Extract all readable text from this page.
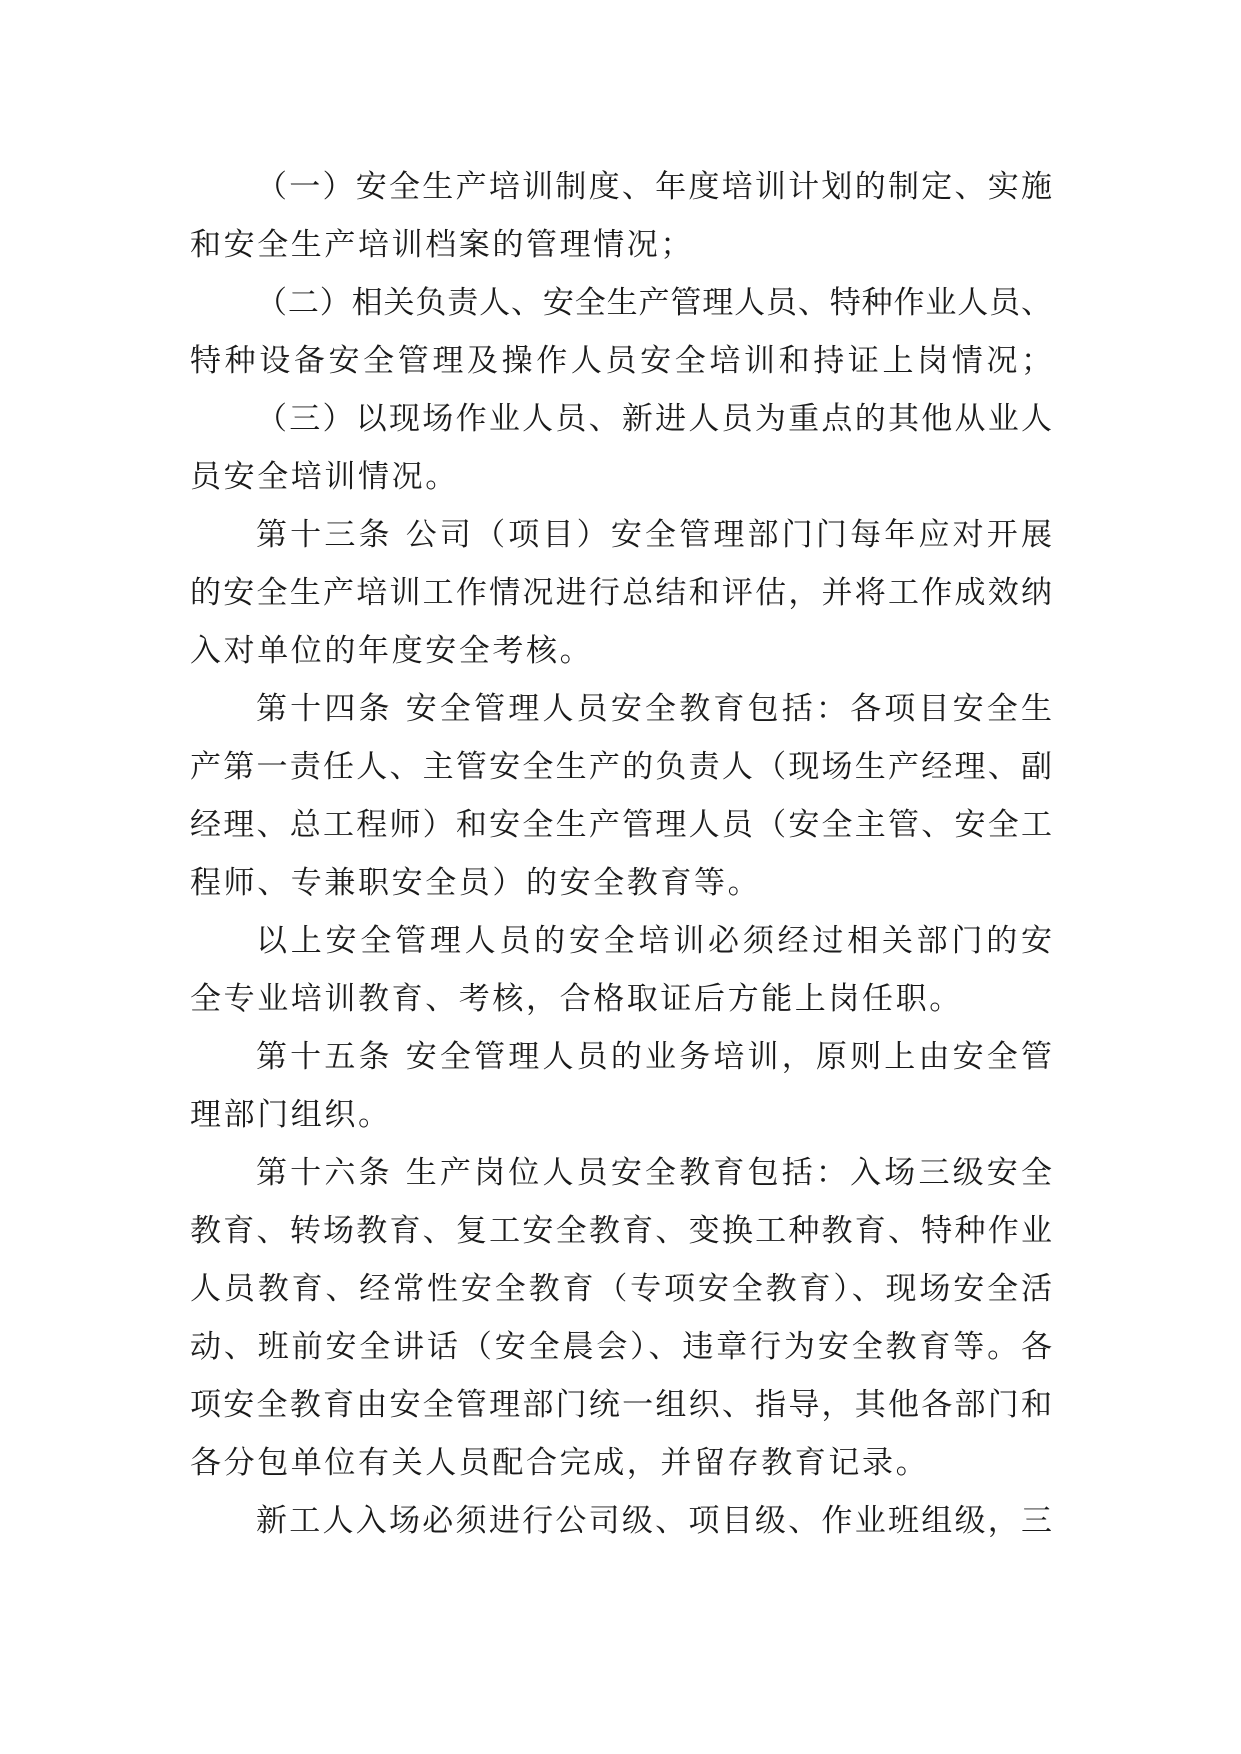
（一）安全生产培训制度、年度培训计划的制定、实施
和安全生产培训档案的管理情况；
（二）相关负责人、安全生产管理人员、特种作业人员、
特种设备安全管理及操作人员安全培训和持证上岗情况；
（三）以现场作业人员、新进人员为重点的其他从业人
员安全培训情况。
第十三条 公司（项目）安全管理部门门每年应对开展
的安全生产培训工作情况进行总结和评估，并将工作成效纳
入对单位的年度安全考核。
第十四条 安全管理人员安全教育包括：各项目安全生
产第一责任人、主管安全生产的负责人（现场生产经理、副
经理、总工程师）和安全生产管理人员（安全主管、安全工
程师、专兼职安全员）的安全教育等。
以上安全管理人员的安全培训必须经过相关部门的安
全专业培训教育、考核，合格取证后方能上岗任职。
第十五条 安全管理人员的业务培训，原则上由安全管
理部门组织。
第十六条 生产岗位人员安全教育包括：入场三级安全
教育、转场教育、复工安全教育、变换工种教育、特种作业
人员教育、经常性安全教育（专项安全教育）、现场安全活
动、班前安全讲话（安全晨会）、违章行为安全教育等。各
项安全教育由安全管理部门统一组织、指导，其他各部门和
各分包单位有关人员配合完成，并留存教育记录。
新工人入场必须进行公司级、项目级、作业班组级，三
